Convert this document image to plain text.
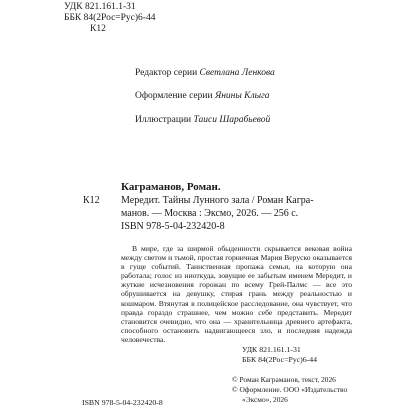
УДК 821.161.1-31
ББК 84(2Рос=Рус)6-44
К12
Редактор серии Светлана Ленкова
Оформление серии Янины Клыга
Иллюстрации Таиси Шарабьевой
Каграманов, Роман.
К12 Мередит. Тайны Лунного зала / Роман Кагра-
манов. — Москва : Эксмо, 2026. — 256 с.
ISBN 978-5-04-232420-8
В мире, где за ширмой обыденности скрывается вековая война между светом и тьмой, простая горничная Мария Веруско оказывается в гуще событий. Таинственная пропажа семьи, на которую она работала; голос из ниоткуда, зовущие ее забытым именем Мередит, и жуткие исчезновения горожан по всему Грей-Палмс — все это обрушивается на девушку, стирая грань между реальностью и кошмаром. Втянутая в полицейское расследование, она чувствует, что правда гораздо страшнее, чем можно себе представить. Мередит становится очевидно, что она — хранительница древнего артефакта, способного остановить надвигающееся зло, и последняя надежда человечества.
УДК 821.161.1-31
ББК 84(2Рос=Рус)6-44
ISBN 978-5-04-232420-8
© Роман Каграманов, текст, 2026
© Оформление. ООО «Издательство
«Эксмо», 2026
